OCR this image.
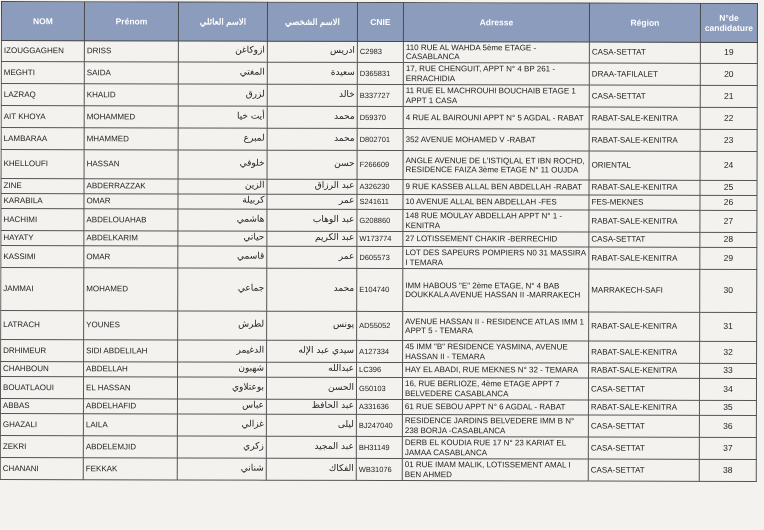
NOM	Prénom	الاسم العائلي	الاسم الشخصي	CNIE	Adresse	Région	N°de candidature
IZOUGGAGHEN	DRISS	ازوكاغن	ادريس	C2983	110 RUE AL WAHDA 5ème ETAGE -CASABLANCA	CASA-SETTAT	19
MEGHTI	SAIDA	المغتي	سعيدة	D365831	17, RUE CHENGUIT, APPT N° 4 BP 261 - ERRACHIDIA	DRAA-TAFILALET	20
LAZRAQ	KHALID	لزرق	خالد	B337727	11 RUE EL MACHROUHI BOUCHAIB ETAGE 1 APPT 1 CASA	CASA-SETTAT	21
AIT KHOYA	MOHAMMED	أيت خيا	محمد	D59370	4 RUE AL BAIROUNI APPT N° 5 AGDAL - RABAT	RABAT-SALE-KENITRA	22
LAMBARAA	MHAMMED	لمبرع	محمد	D802701	352 AVENUE MOHAMED V -RABAT	RABAT-SALE-KENITRA	23
KHELLOUFI	HASSAN	خلوفي	حسن	F266609	ANGLE AVENUE DE L'ISTIQLAL ET IBN ROCHD, RESIDENCE FAIZA 3ème ETAGE N° 11 OUJDA	ORIENTAL	24
ZINE	ABDERRAZZAK	الزين	عبد الرزاق	A326230	9 RUE KASSEB ALLAL BEN ABDELLAH -RABAT	RABAT-SALE-KENITRA	25
KARABILA	OMAR	كربيلة	عمر	S241611	10 AVENUE ALLAL BEN ABDELLAH -FES	FES-MEKNES	26
HACHIMI	ABDELOUAHAB	هاشمي	عبد الوهاب	G208860	148 RUE MOULAY ABDELLAH APPT N° 1 -KENITRA	RABAT-SALE-KENITRA	27
HAYATY	ABDELKARIM	حياتي	عبد الكريم	W173774	27 LOTISSEMENT CHAKIR -BERRECHID	CASA-SETTAT	28
KASSIMI	OMAR	قاسمي	عمر	D605573	LOT DES SAPEURS POMPIERS N0 31 MASSIRA I TEMARA	RABAT-SALE-KENITRA	29
JAMMAI	MOHAMED	جماعي	محمد	E104740	IMM HABOUS "E" 2ème ETAGE, N° 4 BAB DOUKKALA AVENUE HASSAN II -MARRAKECH	MARRAKECH-SAFI	30
LATRACH	YOUNES	لطرش	يونس	AD55052	AVENUE HASSAN II - RESIDENCE ATLAS IMM 1 APPT 5 - TEMARA	RABAT-SALE-KENITRA	31
DRHIMEUR	SIDI ABDELILAH	الدغيمر	سيدي عبد الإله	A127334	45 IMM "B" RESIDENCE YASMINA, AVENUE HASSAN II - TEMARA	RABAT-SALE-KENITRA	32
CHAHBOUN	ABDELLAH	شهبون	عبدالله	LC396	HAY EL ABADI, RUE MEKNES N° 32 - TEMARA	RABAT-SALE-KENITRA	33
BOUATLAOUI	EL HASSAN	بوعتلاوي	الحسن	G50103	16, RUE BERLIOZE, 4ème ETAGE APPT 7 BELVEDERE CASABLANCA	CASA-SETTAT	34
ABBAS	ABDELHAFID	عباس	عبد الحافظ	A331636	61 RUE SEBOU APPT N° 6 AGDAL - RABAT	RABAT-SALE-KENITRA	35
GHAZALI	LAILA	غزالي	ليلى	BJ247040	RESIDENCE JARDINS BELVEDERE IMM B N° 238 BORJA -CASABLANCA	CASA-SETTAT	36
ZEKRI	ABDELEMJID	زكري	عبد المجيد	BH31149	DERB EL KOUDIA RUE 17 N° 23 KARIAT EL JAMAA CASABLANCA	CASA-SETTAT	37
CHANANI	FEKKAK	شناني	الفكاك	WB31076	01 RUE IMAM MALIK, LOTISSEMENT AMAL I BEN AHMED	CASA-SETTAT	38
